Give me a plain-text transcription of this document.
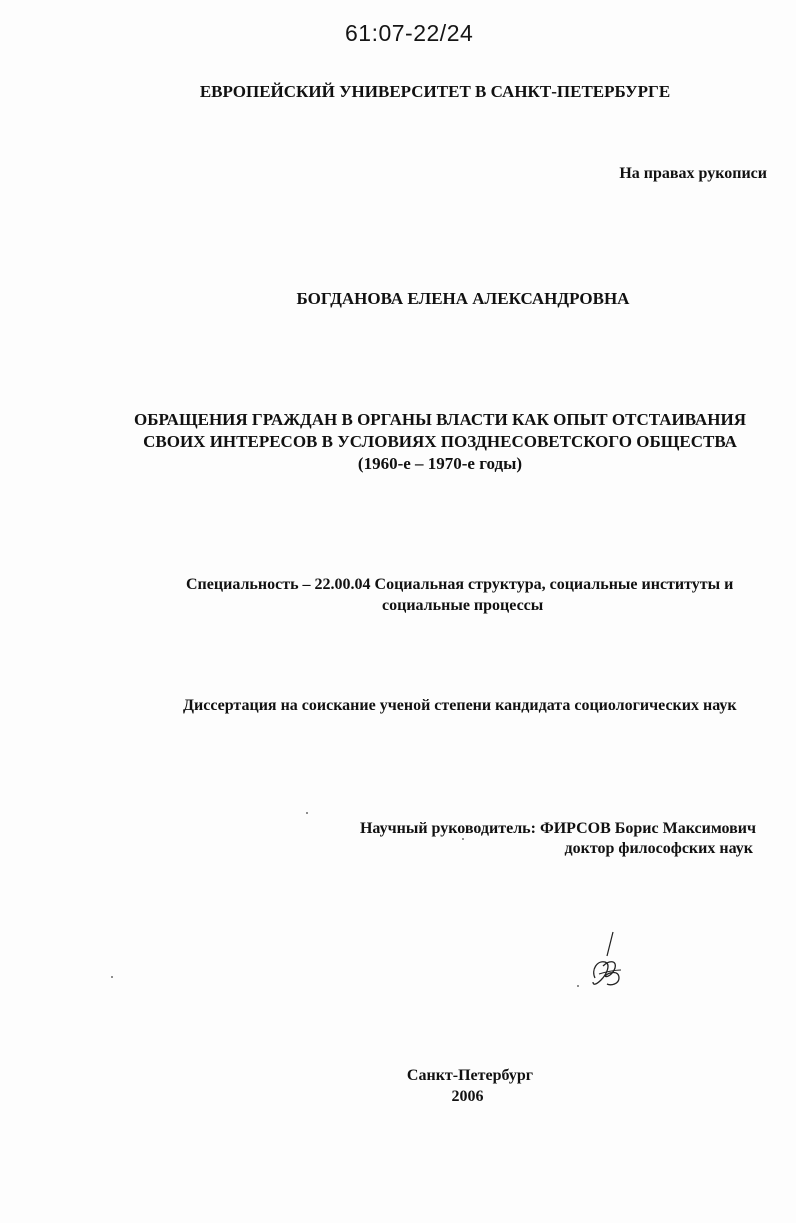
61:07-22/24
ЕВРОПЕЙСКИЙ УНИВЕРСИТЕТ В САНКТ-ПЕТЕРБУРГЕ
На правах рукописи
БОГДАНОВА ЕЛЕНА АЛЕКСАНДРОВНА
ОБРАЩЕНИЯ ГРАЖДАН В ОРГАНЫ ВЛАСТИ КАК ОПЫТ ОТСТАИВАНИЯ
СВОИХ ИНТЕРЕСОВ В УСЛОВИЯХ ПОЗДНЕСОВЕТСКОГО ОБЩЕСТВА
(1960-е – 1970-е годы)
Специальность – 22.00.04 Социальная структура, социальные институты и
социальные процессы
Диссертация на соискание ученой степени кандидата социологических наук
Научный руководитель: ФИРСОВ Борис Максимович
доктор философских наук
Санкт-Петербург
2006
